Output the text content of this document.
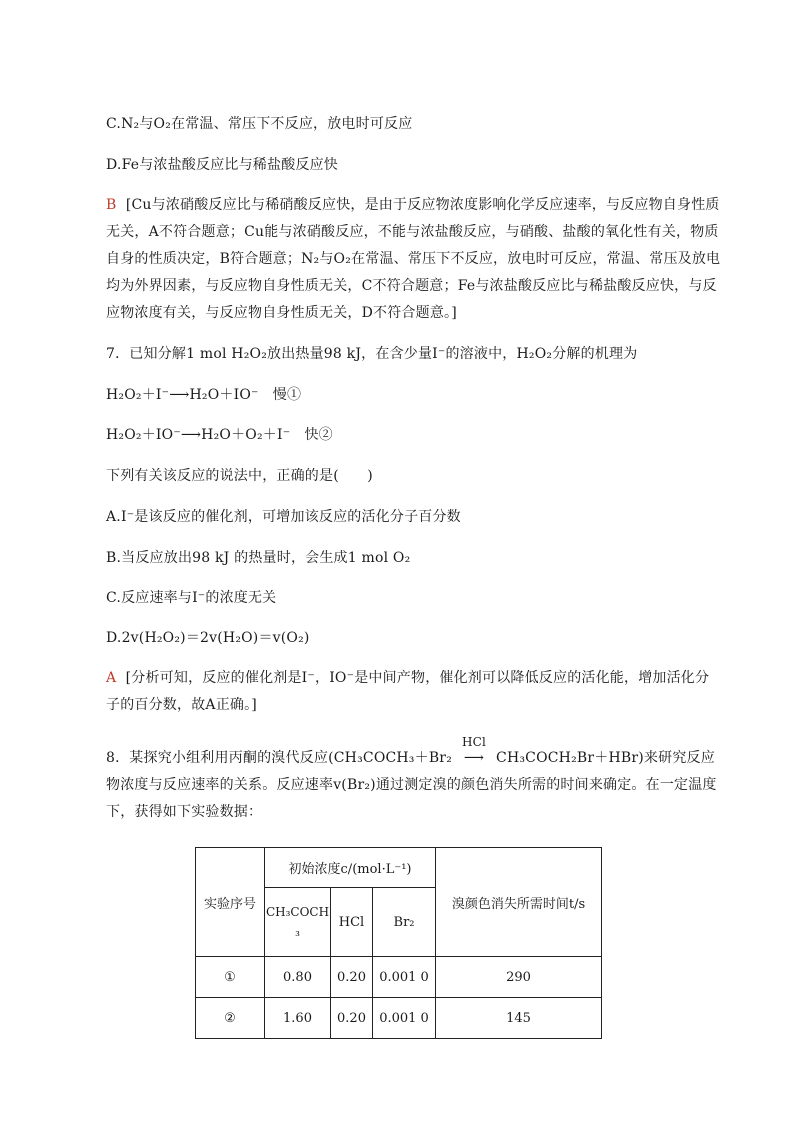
C.N₂与O₂在常温、常压下不反应，放电时可反应

D.Fe与浓盐酸反应比与稀盐酸反应快

B [Cu与浓硝酸反应比与稀硝酸反应快，是由于反应物浓度影响化学反应速率，与反应物自身性质无关，A不符合题意；Cu能与浓硝酸反应，不能与浓盐酸反应，与硝酸、盐酸的氧化性有关，物质自身的性质决定，B符合题意；N₂与O₂在常温、常压下不反应，放电时可反应，常温、常压及放电均为外界因素，与反应物自身性质无关，C不符合题意；Fe与浓盐酸反应比与稀盐酸反应快，与反应物浓度有关，与反应物自身性质无关，D不符合题意。]

7．已知分解1 mol H₂O₂放出热量98 kJ，在含少量I⁻的溶液中，H₂O₂分解的机理为

H₂O₂＋I⁻⟶H₂O＋IO⁻　慢①

H₂O₂＋IO⁻⟶H₂O＋O₂＋I⁻　快②

下列有关该反应的说法中，正确的是(　　)

A.I⁻是该反应的催化剂，可增加该反应的活化分子百分数

B.当反应放出98 kJ 的热量时，会生成1 mol O₂

C.反应速率与I⁻的浓度无关

D.2v(H₂O₂)＝2v(H₂O)＝v(O₂)

A [分析可知，反应的催化剂是I⁻，IO⁻是中间产物，催化剂可以降低反应的活化能，增加活化分子的百分数，故A正确。]

8．某探究小组利用丙酮的溴代反应(CH₃COCH₃＋Br₂
HCl
⟶ CH₃COCH₂Br＋HBr)来研究反应物浓度与反应速率的关系。反应速率v(Br₂)通过测定溴的颜色消失所需的时间来确定。在一定温度下，获得如下实验数据：

实验序号	初始浓度c/(mol·L⁻¹)			溴颜色消失所需时间t/s
	CH₃COCH₃	HCl	Br₂	
①	0.80	0.20	0.001 0	290
②	1.60	0.20	0.001 0	145
